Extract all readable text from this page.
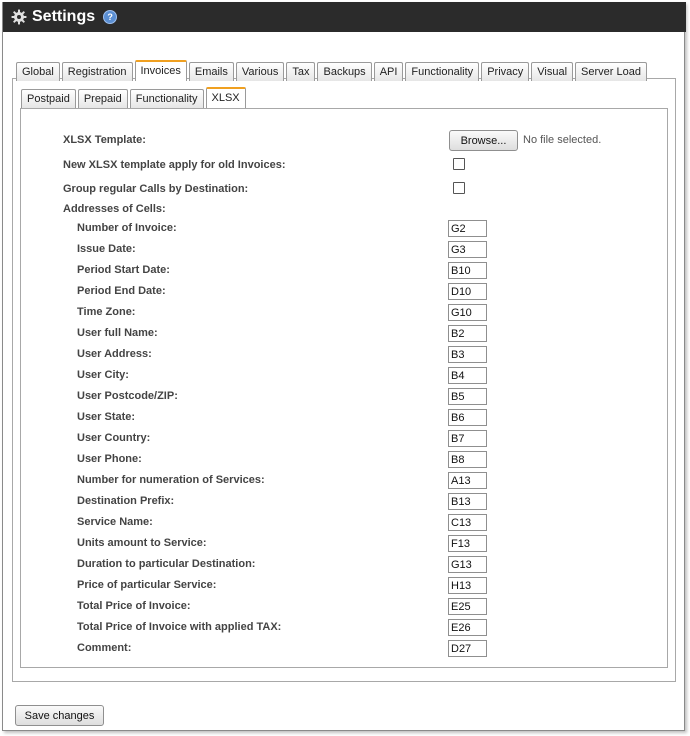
Settings	?
Global	Registration	Invoices	Emails	Various	Tax	Backups	API	Functionality	Privacy	Visual	Server Load
Postpaid	Prepaid	Functionality	XLSX
XLSX Template:	Browse...	No file selected.
New XLSX template apply for old Invoices:
Group regular Calls by Destination:
Addresses of Cells:
Number of Invoice:
G2
Issue Date:
G3
Period Start Date:
B10
Period End Date:
D10
Time Zone:
G10
User full Name:
B2
User Address:
B3
User City:
B4
User Postcode/ZIP:
B5
User State:
B6
User Country:
B7
User Phone:
B8
Number for numeration of Services:
A13
Destination Prefix:
B13
Service Name:
C13
Units amount to Service:
F13
Duration to particular Destination:
G13
Price of particular Service:
H13
Total Price of Invoice:
E25
Total Price of Invoice with applied TAX:
E26
Comment:
D27
Save changes
